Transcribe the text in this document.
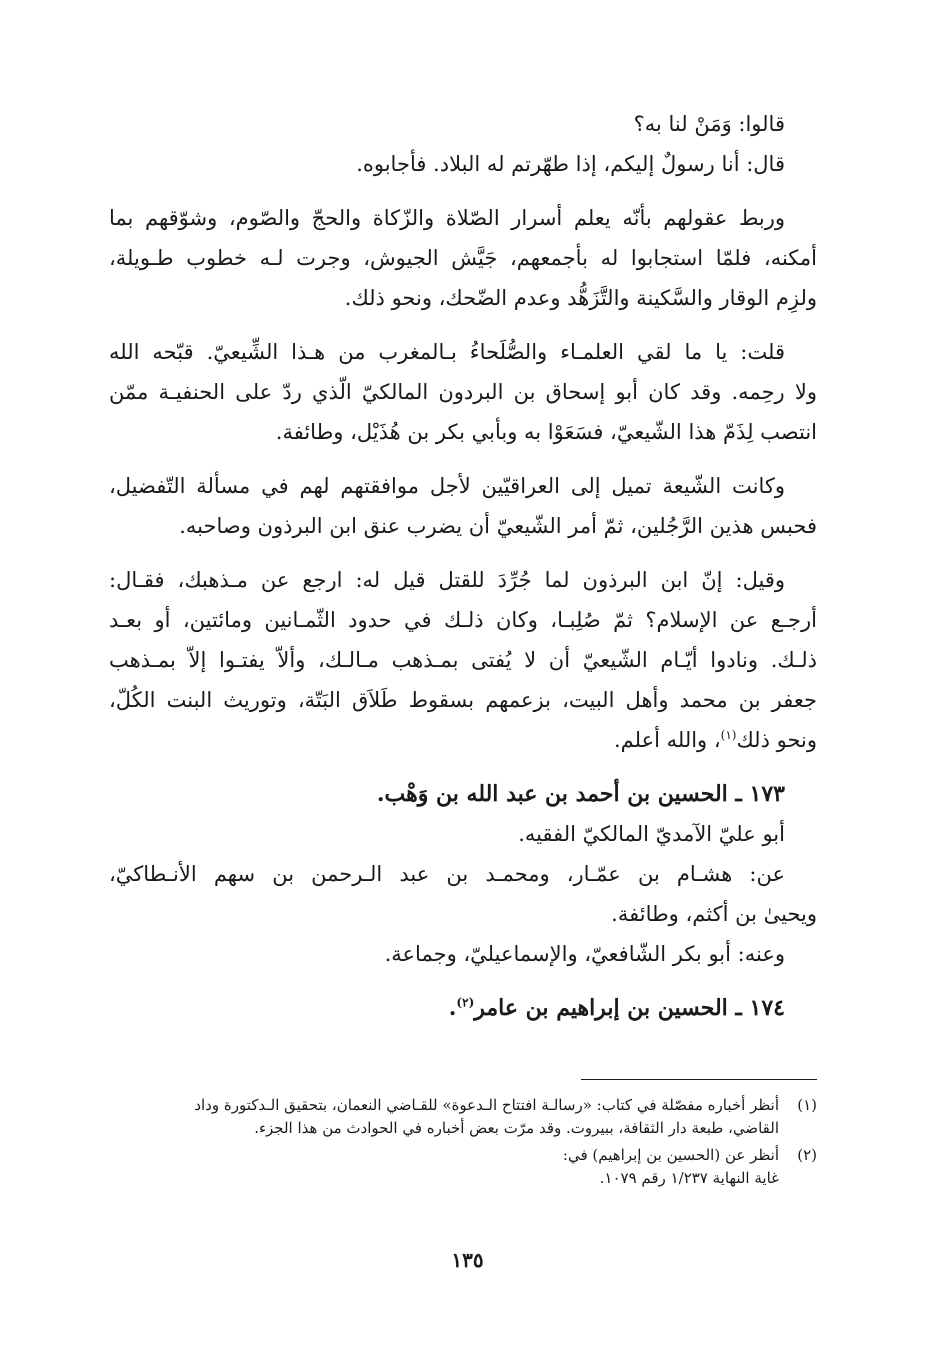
قالوا: وَمَنْ لنا به؟

قال: أنا رسولٌ إليكم، إذا طهّرتم له البلاد. فأجابوه.

وربط عقولهم بأنّه يعلم أسرار الصّلاة والزّكاة والحجّ والصّوم، وشوّقهم بما
أمكنه، فلمّا استجابوا له بأجمعهم، جَيَّش الجيوش، وجرت لـه خطوب طـويلة،
ولزِم الوقار والسَّكينة والتَّزَهُّد وعدم الضّحك، ونحو ذلك.

قلت: يا ما لقي العلمـاء والصُّلَحاءُ بـالمغرب من هـذا الشِّيعيّ. قبّحه الله
ولا رحِمه. وقد كان أبو إسحاق بن البردون المالكيّ الّذي ردّ على الحنفيـة ممّن
انتصب لِذَمّ هذا الشّيعيّ، فسَعَوْا به وبأبي بكر بن هُذَيْل، وطائفة.

وكانت الشّيعة تميل إلى العراقيّين لأجل موافقتهم لهم في مسألة التّفضيل،
فحبس هذين الرَّجُلين، ثمّ أمر الشّيعيّ أن يضرب عنق ابن البرذون وصاحبه.

وقيل: إنّ ابن البرذون لما جُرِّدَ للقتل قيل له: ارجع عن مـذهبك، فقـال:
أرجـع عن الإسلام؟ ثمّ صُلِبـا، وكان ذلـك في حدود الثّمـانين ومائتين، أو بعـد
ذلـك. ونادوا أيّـام الشّيعيّ أن لا يُفتى بمـذهب مـالـك، وألاّ يفتـوا إلاّ بمـذهب
جعفر بن محمد وأهل البيت، بزعمهم بسقوط طَلاَق البَتّة، وتوريث البنت الكُلّ،
ونحو ذلك$^{(١)}$، والله أعلم.

١٧٣ ـ الحسين بن أحمد بن عبد الله بن وَهْب.
أبو عليّ الآمديّ المالكيّ الفقيه.

عن: هشـام بن عمّـار، ومحمـد بن عبد الـرحمن بن سهم الأنـطاكيّ،
ويحيىٰ بن أكثم، وطائفة.

وعنه: أبو بكر الشّافعيّ، والإسماعيليّ، وجماعة.

١٧٤ ـ الحسين بن إبراهيم بن عامر$^{(٢)}$.

(١)أنظر أخباره مفصّلة في كتاب: «رسالـة افتتاح الـدعوة» للقـاضي النعمان، بتحقيق الـدكتورة وداد

القاضي، طبعة دار الثقافة، ببيروت. وقد مرّت بعض أخباره في الحوادث من هذا الجزء.

(٢)أنظر عن (الحسين بن إبراهيم) في:

غاية النهاية ١/٢٣٧ رقم ١٠٧٩.

١٣٥
